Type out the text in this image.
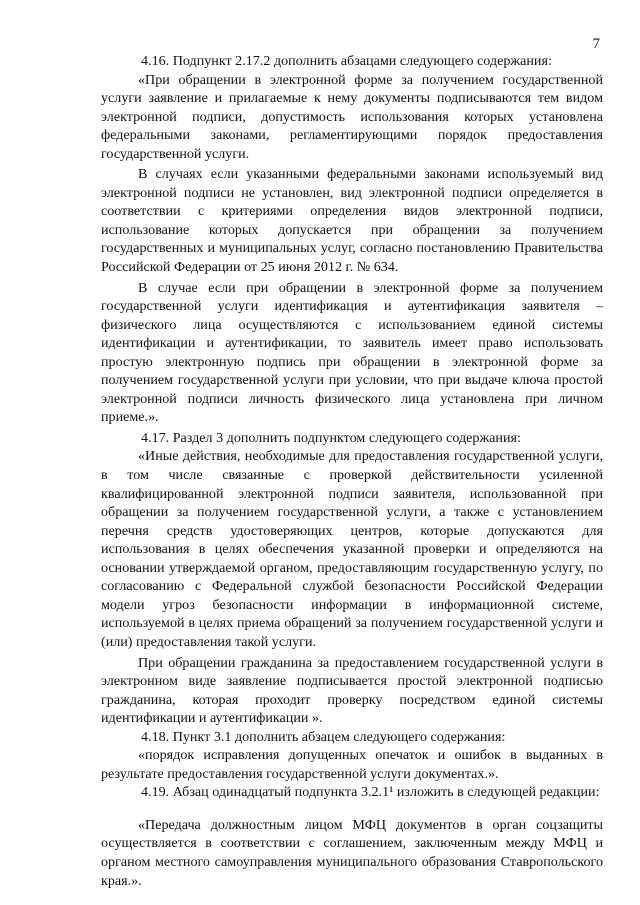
7

4.16. Подпункт 2.17.2 дополнить абзацами следующего содержания:

«При обращении в электронной форме за получением государственной услуги заявление и прилагаемые к нему документы подписываются тем видом электронной подписи, допустимость использования которых установлена федеральными законами, регламентирующими порядок предоставления государственной услуги.

В случаях если указанными федеральными законами используемый вид электронной подписи не установлен, вид электронной подписи определяется в соответствии с критериями определения видов электронной подписи, использование которых допускается при обращении за получением государственных и муниципальных услуг, согласно постановлению Правительства Российской Федерации от 25 июня 2012 г. № 634.

В случае если при обращении в электронной форме за получением государственной услуги идентификация и аутентификация заявителя – физического лица осуществляются с использованием единой системы идентификации и аутентификации, то заявитель имеет право использовать простую электронную подпись при обращении в электронной форме за получением государственной услуги при условии, что при выдаче ключа простой электронной подписи личность физического лица установлена при личном приеме.».

4.17. Раздел 3 дополнить подпунктом следующего содержания:

«Иные действия, необходимые для предоставления государственной услуги, в том числе связанные с проверкой действительности усиленной квалифицированной электронной подписи заявителя, использованной при обращении за получением государственной услуги, а также с установлением перечня средств удостоверяющих центров, которые допускаются для использования в целях обеспечения указанной проверки и определяются на основании утверждаемой органом, предоставляющим государственную услугу, по согласованию с Федеральной службой безопасности Российской Федерации модели угроз безопасности информации в информационной системе, используемой в целях приема обращений за получением государственной услуги и (или) предоставления такой услуги.

При обращении гражданина за предоставлением государственной услуги в электронном виде заявление подписывается простой электронной подписью гражданина, которая проходит проверку посредством единой системы идентификации и аутентификации ».

4.18. Пункт 3.1 дополнить абзацем следующего содержания:

«порядок исправления допущенных опечаток и ошибок в выданных в результате предоставления государственной услуги документах.».

4.19. Абзац одинадцатый подпункта 3.2.1¹ изложить в следующей редакции:

«Передача должностным лицом МФЦ документов в орган соцзащиты осуществляется в соответствии с соглашением, заключенным между МФЦ и органом местного самоуправления муниципального образования Ставропольского края.».
